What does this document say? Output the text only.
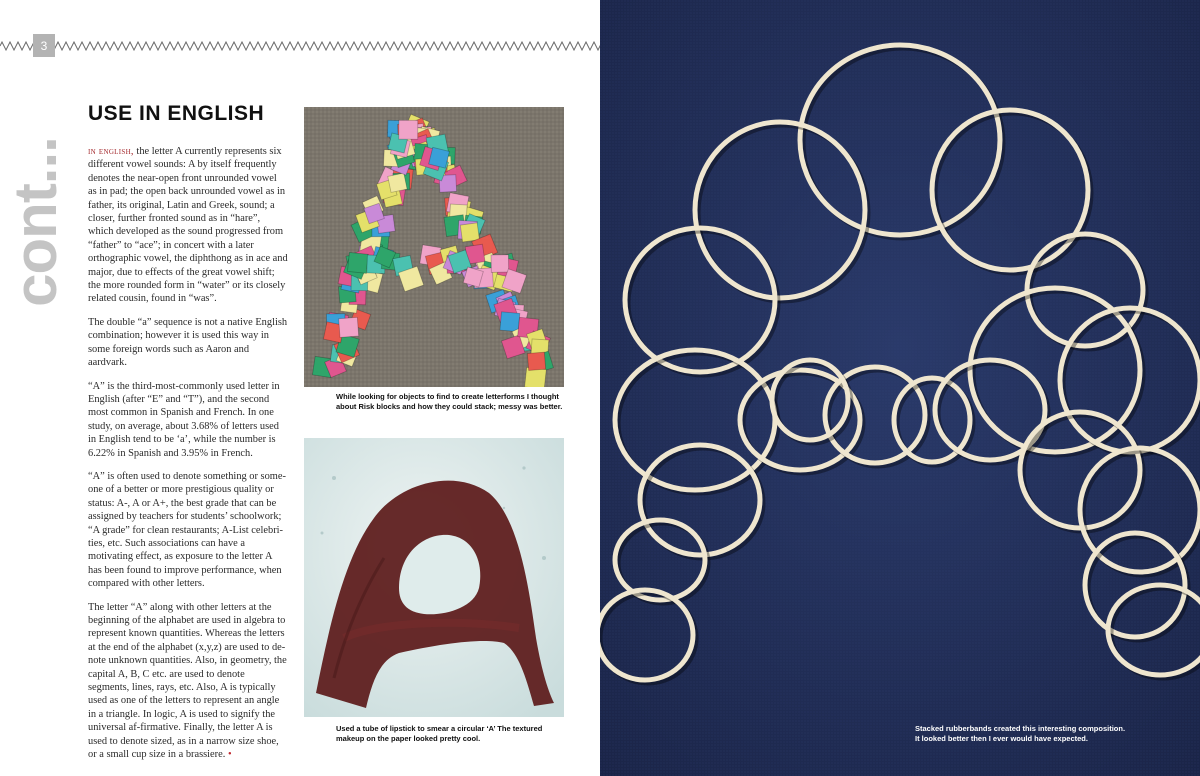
3
cont...
USE IN ENGLISH

in english, the letter A currently represents six different vowel sounds: A by itself frequently denotes the near-open front unrounded vowel as in pad; the open back unrounded vowel as in father, its original, Latin and Greek, sound; a closer, further fronted sound as in “hare”, which developed as the sound progressed from “father” to “ace”; in concert with a later orthographic vowel, the diphthong as in ace and major, due to effects of the great vowel shift; the more rounded form in “water” or its closely related cousin, found in “was”.

The double “a” sequence is not a native English combination; however it is used this way in some foreign words such as Aaron and aardvark.

“A” is the third-most-commonly used letter in English (after “E” and “T”), and the second most common in Spanish and French. In one study, on average, about 3.68% of letters used in English tend to be ‘a’, while the number is 6.22% in Spanish and 3.95% in French.

“A” is often used to denote something or some-one of a better or more prestigious quality or status: A-, A or A+, the best grade that can be assigned by teachers for students’ schoolwork; “A grade” for clean restaurants; A-List celebri-ties, etc. Such associations can have a motivating effect, as exposure to the letter A has been found to improve performance, when compared with other letters.

The letter “A” along with other letters at the beginning of the alphabet are used in algebra to represent known quantities. Whereas the letters at the end of the alphabet (x,y,z) are used to de-note unknown quantities. Also, in geometry, the capital A, B, C etc. are used to denote segments, lines, rays, etc. Also, A is typically used as one of the letters to represent an angle in a triangle. In logic, A is used to signify the universal af-firmative. Finally, the letter A is used to denote sized, as in a narrow size shoe, or a small cup size in a brassiere. •

While looking for objects to find to create letterforms I thought
about Risk blocks and how they could stack; messy was better.
Used a tube of lipstick to smear a circular ‘A’ The textured
makeup on the paper looked pretty cool.
Stacked rubberbands created this interesting composition.
It looked better then I ever would have expected.
